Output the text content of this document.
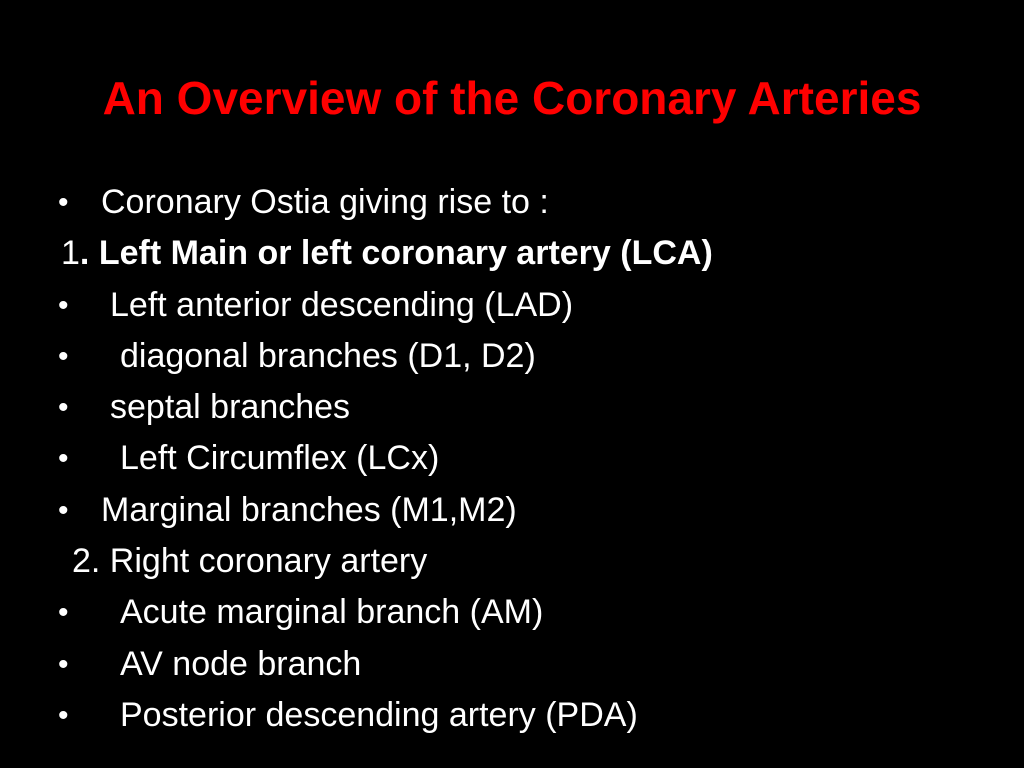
An Overview of the Coronary Arteries
• Coronary Ostia giving rise to :
1. Left Main or left coronary artery (LCA)
• Left anterior descending (LAD)
• diagonal branches (D1, D2)
• septal branches
• Left Circumflex (LCx)
• Marginal branches (M1,M2)
2. Right coronary artery
• Acute marginal branch (AM)
• AV node branch
• Posterior descending artery (PDA)
